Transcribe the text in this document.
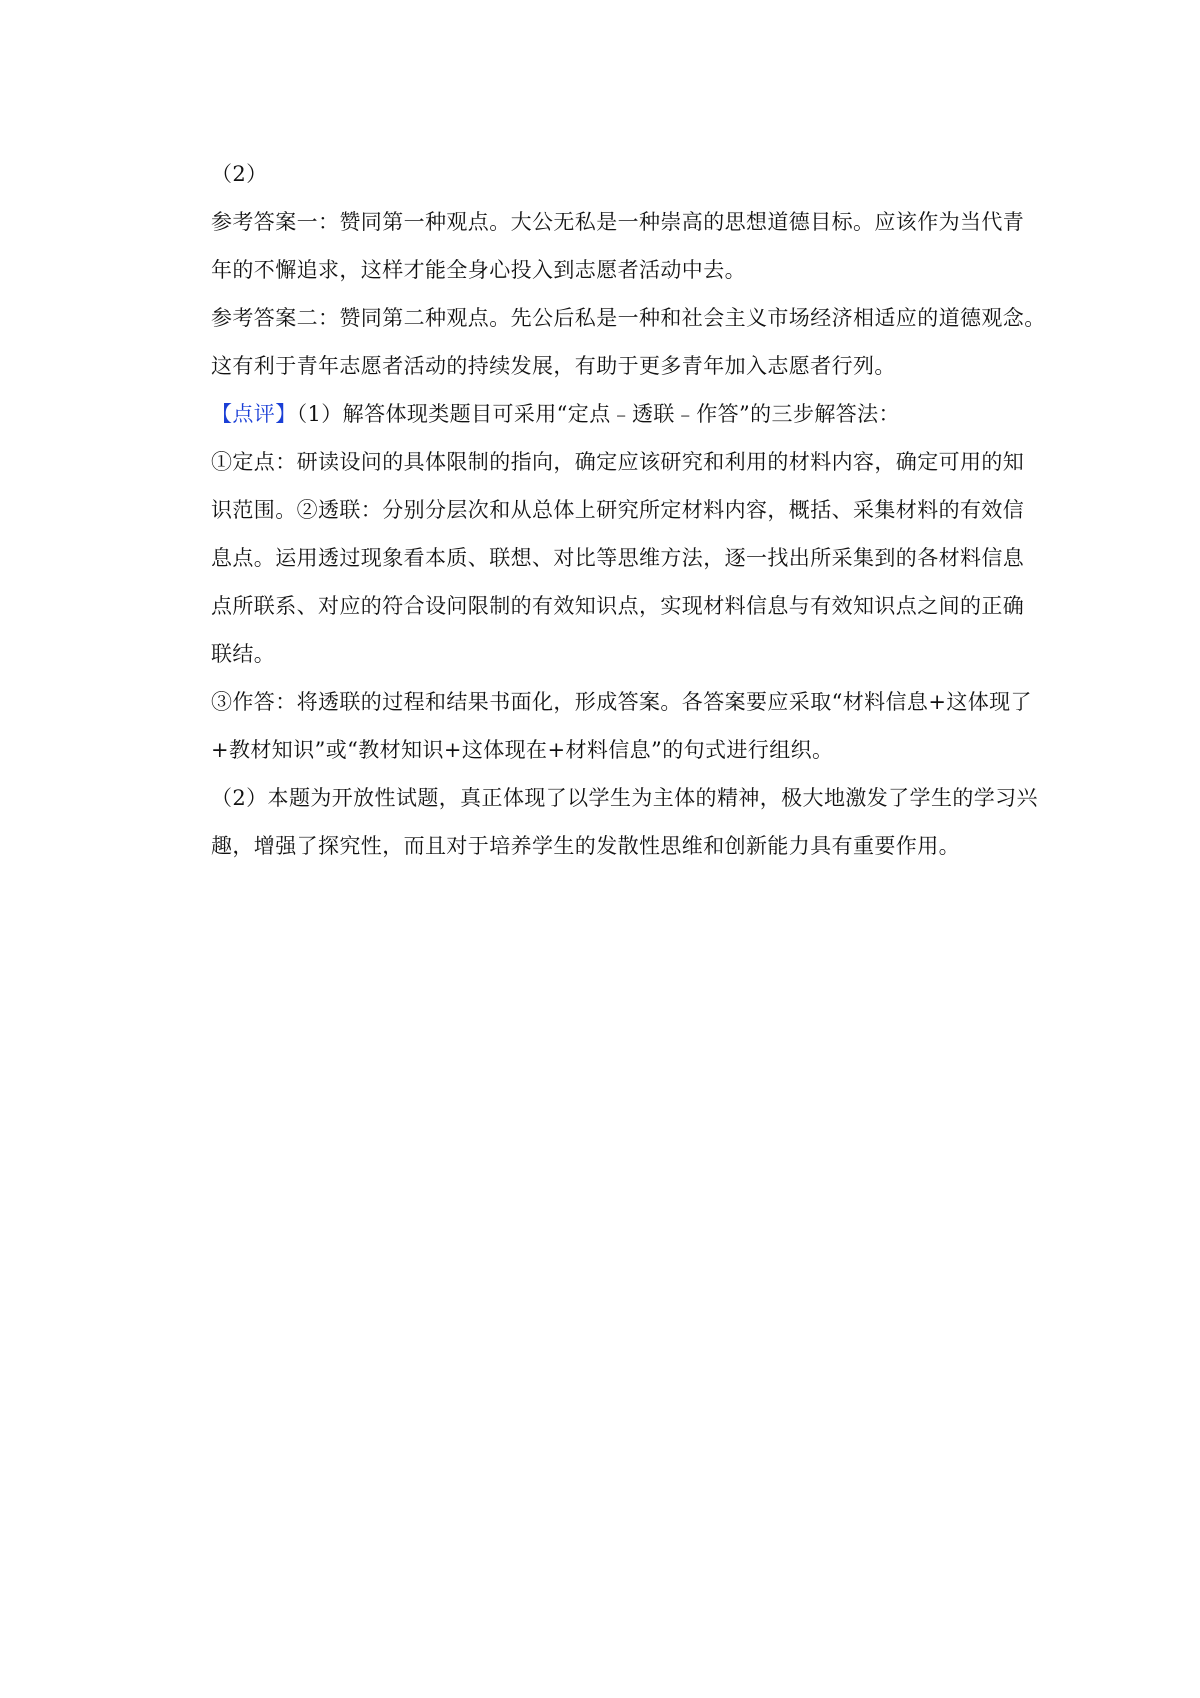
（2）
参考答案一：赞同第一种观点。大公无私是一种崇高的思想道德目标。应该作为当代青
年的不懈追求，这样才能全身心投入到志愿者活动中去。
参考答案二：赞同第二种观点。先公后私是一种和社会主义市场经济相适应的道德观念。
这有利于青年志愿者活动的持续发展，有助于更多青年加入志愿者行列。
【点评】（1）解答体现类题目可采用“定点﹣透联﹣作答”的三步解答法：
①定点：研读设问的具体限制的指向，确定应该研究和利用的材料内容，确定可用的知
识范围。②透联：分别分层次和从总体上研究所定材料内容，概括、采集材料的有效信
息点。运用透过现象看本质、联想、对比等思维方法，逐一找出所采集到的各材料信息
点所联系、对应的符合设问限制的有效知识点，实现材料信息与有效知识点之间的正确
联结。
③作答：将透联的过程和结果书面化，形成答案。各答案要应采取“材料信息+这体现了
+教材知识”或“教材知识+这体现在+材料信息”的句式进行组织。
（2）本题为开放性试题，真正体现了以学生为主体的精神，极大地激发了学生的学习兴
趣，增强了探究性，而且对于培养学生的发散性思维和创新能力具有重要作用。
